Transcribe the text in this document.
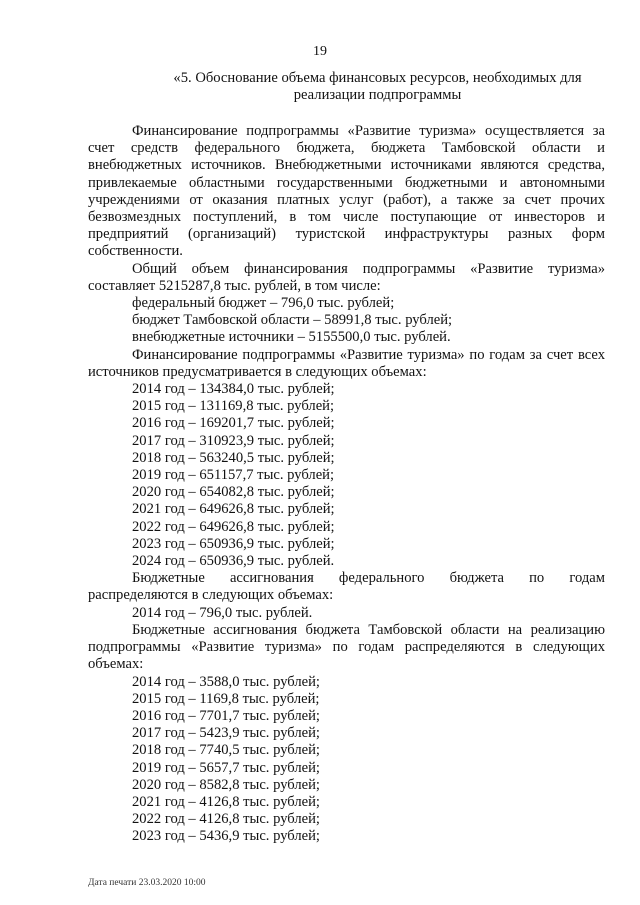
19
«5. Обоснование объема финансовых ресурсов, необходимых для
реализации подпрограммы

Финансирование подпрограммы «Развитие туризма» осуществляется за счет средств федерального бюджета, бюджета Тамбовской области и внебюджетных источников. Внебюджетными источниками являются средства, привлекаемые областными государственными бюджетными и автономными учреждениями от оказания платных услуг (работ), а также за счет прочих безвозмездных поступлений, в том числе поступающие от инвесторов и предприятий (организаций) туристской инфраструктуры разных форм собственности.

Общий объем финансирования подпрограммы «Развитие туризма» составляет 5215287,8 тыс. рублей, в том числе:

федеральный бюджет – 796,0 тыс. рублей;

бюджет Тамбовской области – 58991,8 тыс. рублей;

внебюджетные источники – 5155500,0 тыс. рублей.

Финансирование подпрограммы «Развитие туризма» по годам за счет всех источников предусматривается в следующих объемах:

2014 год – 134384,0 тыс. рублей;

2015 год – 131169,8 тыс. рублей;

2016 год – 169201,7 тыс. рублей;

2017 год – 310923,9 тыс. рублей;

2018 год – 563240,5 тыс. рублей;

2019 год – 651157,7 тыс. рублей;

2020 год – 654082,8 тыс. рублей;

2021 год – 649626,8 тыс. рублей;

2022 год – 649626,8 тыс. рублей;

2023 год – 650936,9 тыс. рублей;

2024 год – 650936,9 тыс. рублей.

Бюджетные ассигнования федерального бюджета по годам

распределяются в следующих объемах:

2014 год – 796,0 тыс. рублей.

Бюджетные ассигнования бюджета Тамбовской области на реализацию подпрограммы «Развитие туризма» по годам распределяются в следующих объемах:

2014 год – 3588,0 тыс. рублей;

2015 год – 1169,8 тыс. рублей;

2016 год – 7701,7 тыс. рублей;

2017 год – 5423,9 тыс. рублей;

2018 год – 7740,5 тыс. рублей;

2019 год – 5657,7 тыс. рублей;

2020 год – 8582,8 тыс. рублей;

2021 год – 4126,8 тыс. рублей;

2022 год – 4126,8 тыс. рублей;

2023 год – 5436,9 тыс. рублей;

Дата печати 23.03.2020 10:00
